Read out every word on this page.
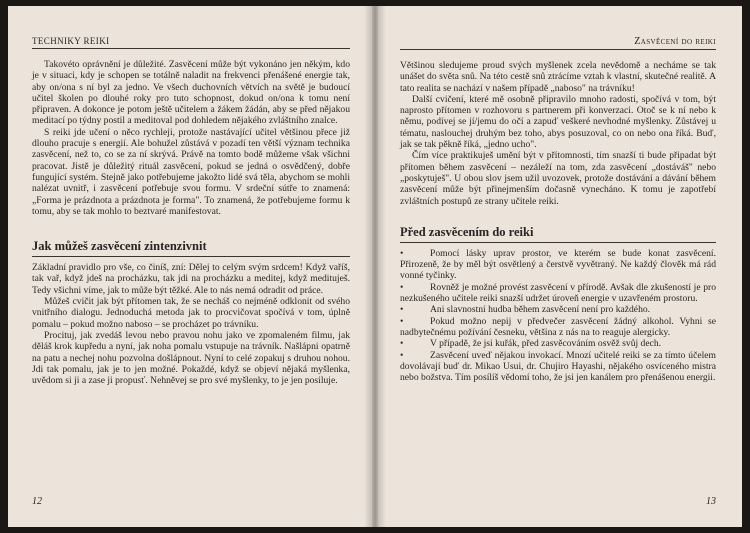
TECHNIKY REIKI

Takovéto oprávnění je důležité. Zasvěcení může být vykonáno jen někým, kdo je v situaci, kdy je schopen se totálně naladit na frekvenci přenášené energie tak, aby on/ona s ní byl za jedno. Ve všech duchovních větvích na světě je budoucí učitel školen po dlouhé roky pro tuto schopnost, dokud on/ona k tomu není připraven. A dokonce je potom ještě učitelem a žákem žádán, aby se před nějakou meditací po týdny postil a meditoval pod dohledem nějakého zvláštního znalce.

S reiki jde učení o něco rychleji, protože nastávající učitel většinou přece již dlouho pracuje s energií. Ale bohužel zůstává v pozadí ten větší význam technika zasvěcení, než to, co se za ní skrývá. Právě na tomto bodě můžeme však všichni pracovat. Jistě je důležitý rituál zasvěcení, pokud se jedná o osvědčený, dobře fungující systém. Stejně jako potřebujeme jakožto lidé svá těla, abychom se mohli nalézat uvnitř, i zasvěcení potřebuje svou formu. V srdeční sútře to znamená: „Forma je prázdnota a prázdnota je forma". To znamená, že potřebujeme formu k tomu, aby se tak mohlo to beztvaré manifestovat.

Jak můžeš zasvěcení zintenzivnit

Základní pravidlo pro vše, co činíš, zní: Dělej to celým svým srdcem! Když vaříš, tak vař, když jdeš na procházku, tak jdi na procházku a meditej, když medituješ. Tedy všichni víme, jak to může být těžké. Ale to nás nemá odradit od práce.

Můžeš cvičit jak být přítomen tak, že se necháš co nejméně odklonit od svého vnitřního dialogu. Jednoduchá metoda jak to procvičovat spočívá v tom, úplně pomalu – pokud možno naboso – se procházet po trávníku.

Procituj, jak zvedáš levou nebo pravou nohu jako ve zpomaleném filmu, jak děláš krok kupředu a nyní, jak noha pomalu vstupuje na trávník. Našlápni opatrně na patu a nechej nohu pozvolna došlápnout. Nyní to celé zopakuj s druhou nohou. Jdi tak pomalu, jak je to jen možné. Pokaždé, když se objeví nějaká myšlenka, uvědom si ji a zase ji propusť. Nehněvej se pro své myšlenky, to je jen posiluje.

12
Zasvěcení do reiki

Většinou sledujeme proud svých myšlenek zcela nevědomě a necháme se tak unášet do světa snů. Na této cestě snů ztrácíme vztah k vlastní, skutečné realitě. A tato realita se nachází v našem případě „naboso" na trávníku!

Další cvičení, které mě osobně připravilo mnoho radosti, spočívá v tom, být naprosto přítomen v rozhovoru s partnerem při konverzaci. Otoč se k ní nebo k němu, podívej se jí/jemu do očí a zapuď veškeré nevhodné myšlenky. Zůstávej u tématu, naslouchej druhým bez toho, abys posuzoval, co on nebo ona říká. Buď, jak se tak pěkně říká, „jedno ucho".

Čím více praktikuješ umění být v přítomnosti, tím snazší ti bude připadat být přítomen během zasvěcení – nezáleží na tom, zda zasvěcení „dostáváš" nebo „poskytuješ". U obou slov jsem užil uvozovek, protože dostávání a dávání během zasvěcení může být přinejmenším dočasně vynecháno. K tomu je zapotřebí zvláštních postupů ze strany učitele reiki.

Před zasvěcením do reiki
•	Pomocí lásky uprav prostor, ve kterém se bude konat zasvěcení. Přirozeně, že by měl být osvětlený a čerstvě vyvětraný. Ne každý člověk má rád vonné tyčinky.
•	Rovněž je možné provést zasvěcení v přírodě. Avšak dle zkušeností je pro nezkušeného učitele reiki snazší udržet úroveň energie v uzavřeném prostoru.
•	Ani slavnostní hudba během zasvěcení není pro každého.
•	Pokud možno nepij v předvečer zasvěcení žádný alkohol. Vyhni se nadbytečnému požívání česneku, většina z nás na to reaguje alergicky.
•	V případě, že jsi kuřák, před zasvěcováním osvěž svůj dech.
•	Zasvěcení uveď nějakou invokací. Mnozí učitelé reiki se za tímto účelem dovolávají buď dr. Mikao Usui, dr. Chujiro Hayashi, nějakého osvíceného mistra nebo božstva. Tím posílíš vědomí toho, že jsi jen kanálem pro přenášenou energii.
13
